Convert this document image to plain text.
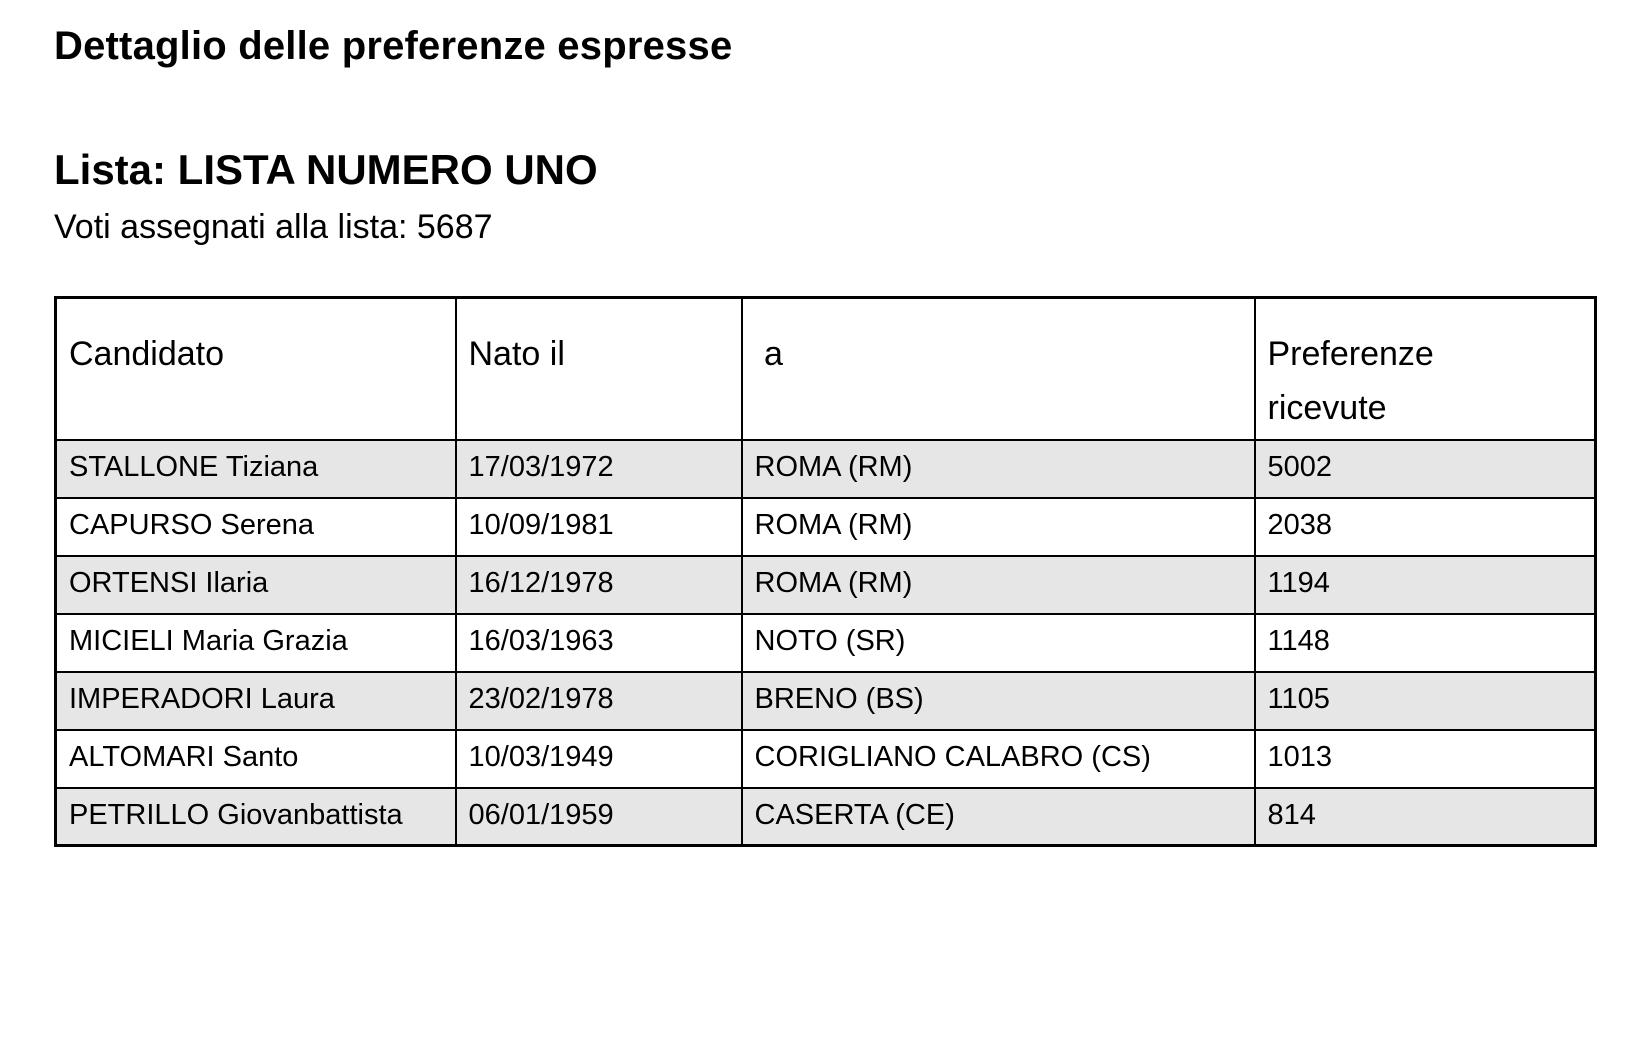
Dettaglio delle preferenze espresse
Lista: LISTA NUMERO UNO

Voti assegnati alla lista: 5687

Candidato	Nato il	a	Preferenze
ricevute
STALLONE Tiziana	17/03/1972	ROMA (RM)	5002
CAPURSO Serena	10/09/1981	ROMA (RM)	2038
ORTENSI Ilaria	16/12/1978	ROMA (RM)	1194
MICIELI Maria Grazia	16/03/1963	NOTO (SR)	1148
IMPERADORI Laura	23/02/1978	BRENO (BS)	1105
ALTOMARI Santo	10/03/1949	CORIGLIANO CALABRO (CS)	1013
PETRILLO Giovanbattista	06/01/1959	CASERTA (CE)	814
